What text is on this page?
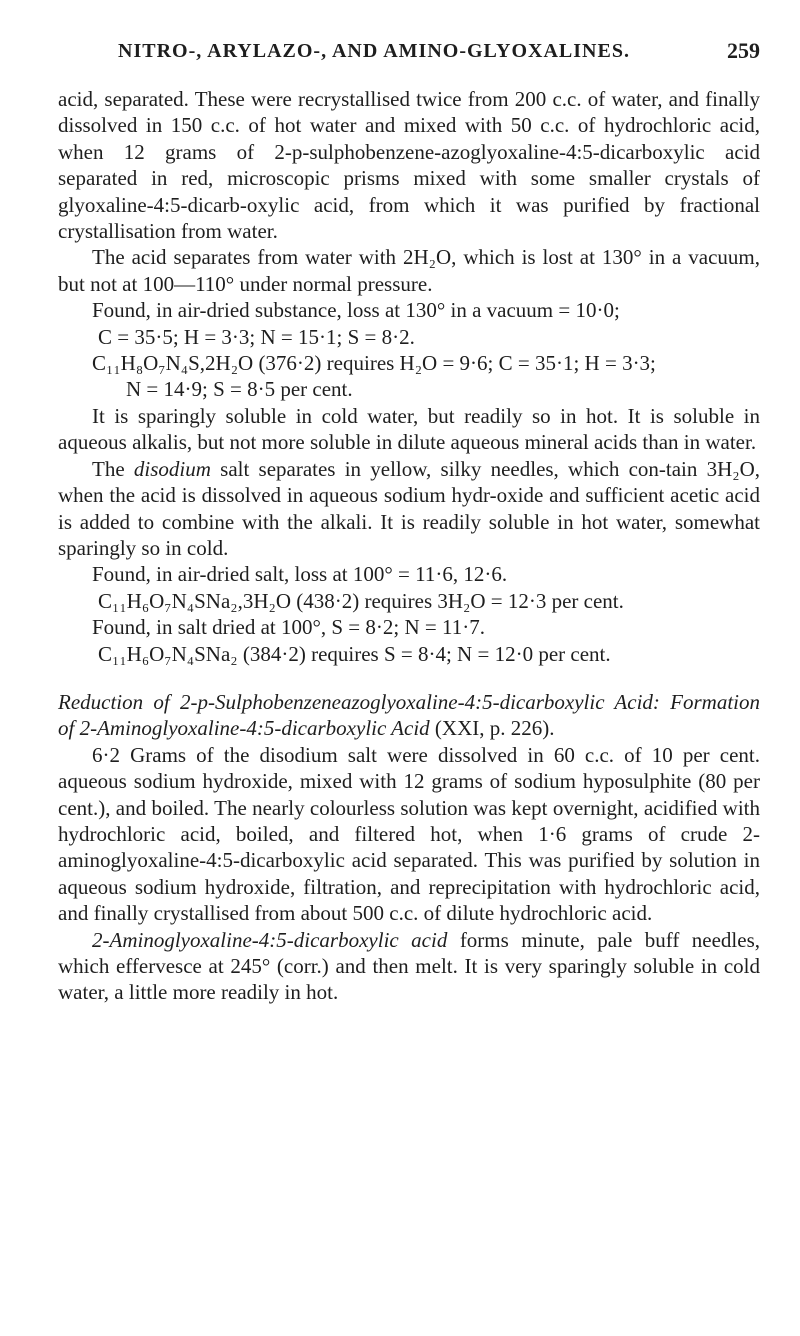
NITRO-, ARYLAZO-, AND AMINO-GLYOXALINES.	259

acid, separated. These were recrystallised twice from 200 c.c. of water, and finally dissolved in 150 c.c. of hot water and mixed with 50 c.c. of hydrochloric acid, when 12 grams of 2-p-sulphobenzene-azoglyoxaline-4:5-dicarboxylic acid separated in red, microscopic prisms mixed with some smaller crystals of glyoxaline-4:5-dicarb-oxylic acid, from which it was purified by fractional crystallisation from water.

The acid separates from water with 2H₂O, which is lost at 130° in a vacuum, but not at 100—110° under normal pressure.

Found, in air-dried substance, loss at 130° in a vacuum = 10·0;
C = 35·5; H = 3·3; N = 15·1; S = 8·2.
C₁₁H₈O₇N₄S,2H₂O (376·2) requires H₂O = 9·6; C = 35·1; H = 3·3;
N = 14·9; S = 8·5 per cent.

It is sparingly soluble in cold water, but readily so in hot. It is soluble in aqueous alkalis, but not more soluble in dilute aqueous mineral acids than in water.

The disodium salt separates in yellow, silky needles, which con-tain 3H₂O, when the acid is dissolved in aqueous sodium hydr-oxide and sufficient acetic acid is added to combine with the alkali. It is readily soluble in hot water, somewhat sparingly so in cold.

Found, in air-dried salt, loss at 100° = 11·6, 12·6.
C₁₁H₆O₇N₄SNa₂,3H₂O (438·2) requires 3H₂O = 12·3 per cent.
Found, in salt dried at 100°, S = 8·2; N = 11·7.
C₁₁H₆O₇N₄SNa₂ (384·2) requires S = 8·4; N = 12·0 per cent.

Reduction of 2-p-Sulphobenzeneazoglyoxaline-4:5-dicarboxylic Acid: Formation of 2-Aminoglyoxaline-4:5-dicarboxylic Acid (XXI, p. 226).

6·2 Grams of the disodium salt were dissolved in 60 c.c. of 10 per cent. aqueous sodium hydroxide, mixed with 12 grams of sodium hyposulphite (80 per cent.), and boiled. The nearly colourless solution was kept overnight, acidified with hydrochloric acid, boiled, and filtered hot, when 1·6 grams of crude 2-aminoglyoxaline-4:5-dicarboxylic acid separated. This was purified by solution in aqueous sodium hydroxide, filtration, and reprecipitation with hydrochloric acid, and finally crystallised from about 500 c.c. of dilute hydrochloric acid.

2-Aminoglyoxaline-4:5-dicarboxylic acid forms minute, pale buff needles, which effervesce at 245° (corr.) and then melt. It is very sparingly soluble in cold water, a little more readily in hot.
